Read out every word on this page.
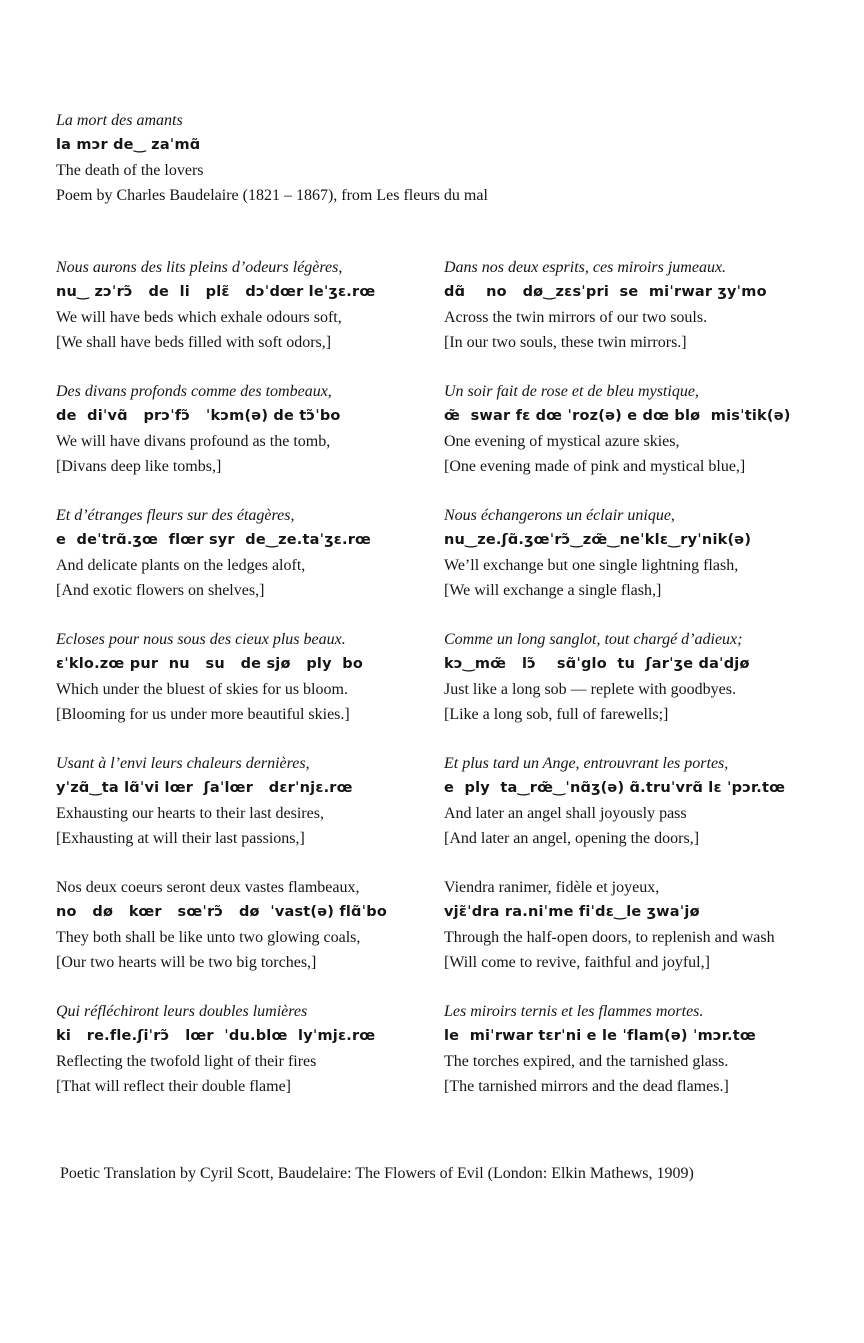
La mort des amants
la mɔr de‿ zaˈmɑ̃
The death of the lovers
Poem by Charles Baudelaire (1821 – 1867), from Les fleurs du mal
Nous aurons des lits pleins d’odeurs légères,
nu‿ zɔˈrɔ̃   de  li   plɛ̃   dɔˈdœr leˈʒɛ.rœ
We will have beds which exhale odours soft,
[We shall have beds filled with soft odors,]
Des divans profonds comme des tombeaux,
de  diˈvɑ̃   prɔˈfɔ̃   ˈkɔm(ə) de tɔ̃ˈbo
We will have divans profound as the tomb,
[Divans deep like tombs,]
Et d’étranges fleurs sur des étagères,
e  deˈtrɑ̃.ʒœ  flœr syr  de‿ze.taˈʒɛ.rœ
And delicate plants on the ledges aloft,
[And exotic flowers on shelves,]
Ecloses pour nous sous des cieux plus beaux.
ɛˈklo.zœ pur  nu   su   de sjø   ply  bo
Which under the bluest of skies for us bloom.
[Blooming for us under more beautiful skies.]
Usant à l’envi leurs chaleurs dernières,
yˈzɑ̃‿ta lɑ̃ˈvi lœr  ʃaˈlœr   dɛrˈnjɛ.rœ
Exhausting our hearts to their last desires,
[Exhausting at will their last passions,]
Nos deux coeurs seront deux vastes flambeaux,
no   dø   kœr   sœˈrɔ̃   dø  ˈvast(ə) flɑ̃ˈbo
They both shall be like unto two glowing coals,
[Our two hearts will be two big torches,]
Qui réfléchiront leurs doubles lumières
ki   re.fle.ʃiˈrɔ̃   lœr  ˈdu.blœ  lyˈmjɛ.rœ
Reflecting the twofold light of their fires
[That will reflect their double flame]
Dans nos deux esprits, ces miroirs jumeaux.
dɑ̃    no   dø‿zɛsˈpri  se  miˈrwar ʒyˈmo
Across the twin mirrors of our two souls.
[In our two souls, these twin mirrors.]
Un soir fait de rose et de bleu mystique,
œ̃  swar fɛ dœ ˈroz(ə) e dœ blø  misˈtik(ə)
One evening of mystical azure skies,
[One evening made of pink and mystical blue,]
Nous échangerons un éclair unique,
nu‿ze.ʃɑ̃.ʒœˈrɔ̃‿zœ̃‿neˈklɛ‿ryˈnik(ə)
We’ll exchange but one single lightning flash,
[We will exchange a single flash,]
Comme un long sanglot, tout chargé d’adieux;
kɔ‿mœ̃   lɔ̃    sɑ̃ˈglo  tu  ʃarˈʒe daˈdjø
Just like a long sob — replete with goodbyes.
[Like a long sob, full of farewells;]
Et plus tard un Ange, entrouvrant les portes,
e  ply  ta‿rœ̃‿ˈnɑ̃ʒ(ə) ɑ̃.truˈvrɑ̃ lɛ ˈpɔr.tœ
And later an angel shall joyously pass
[And later an angel, opening the doors,]
Viendra ranimer, fidèle et joyeux,
vjɛ̃ˈdra ra.niˈme fiˈdɛ‿le ʒwaˈjø
Through the half-open doors, to replenish and wash
[Will come to revive, faithful and joyful,]
Les miroirs ternis et les flammes mortes.
le  miˈrwar tɛrˈni e le ˈflam(ə) ˈmɔr.tœ
The torches expired, and the tarnished glass.
[The tarnished mirrors and the dead flames.]
Poetic Translation by Cyril Scott, Baudelaire: The Flowers of Evil (London: Elkin Mathews, 1909)
